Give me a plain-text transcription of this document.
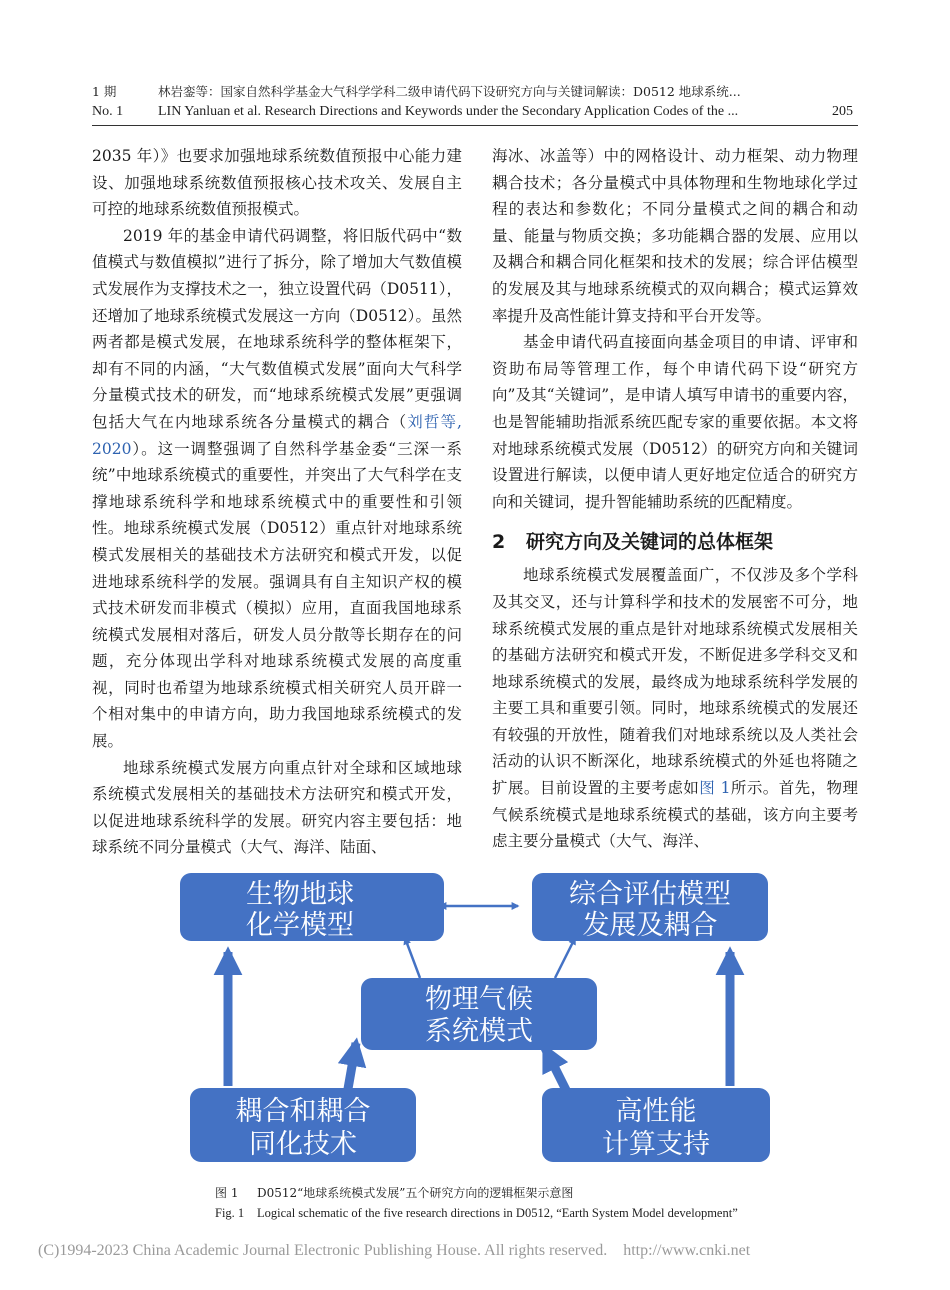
1 期	林岩銮等：国家自然科学基金大气科学学科二级申请代码下设研究方向与关键词解读：D0512 地球系统...
No. 1 LIN Yanluan et al. Research Directions and Keywords under the Secondary Application Codes of the ...	205

2035 年）》也要求加强地球系统数值预报中心能力建设、加强地球系统数值预报核心技术攻关、发展自主可控的地球系统数值预报模式。

2019 年的基金申请代码调整，将旧版代码中“数值模式与数值模拟”进行了拆分，除了增加大气数值模式发展作为支撑技术之一，独立设置代码（D0511），还增加了地球系统模式发展这一方向（D0512）。虽然两者都是模式发展，在地球系统科学的整体框架下，却有不同的内涵，“大气数值模式发展”面向大气科学分量模式技术的研发，而“地球系统模式发展”更强调包括大气在内地球系统各分量模式的耦合（刘哲等, 2020）。这一调整强调了自然科学基金委“三深一系统”中地球系统模式的重要性，并突出了大气科学在支撑地球系统科学和地球系统模式中的重要性和引领性。地球系统模式发展（D0512）重点针对地球系统模式发展相关的基础技术方法研究和模式开发，以促进地球系统科学的发展。强调具有自主知识产权的模式技术研发而非模式（模拟）应用，直面我国地球系统模式发展相对落后，研发人员分散等长期存在的问题，充分体现出学科对地球系统模式发展的高度重视，同时也希望为地球系统模式相关研究人员开辟一个相对集中的申请方向，助力我国地球系统模式的发展。

地球系统模式发展方向重点针对全球和区域地球系统模式发展相关的基础技术方法研究和模式开发，以促进地球系统科学的发展。研究内容主要包括：地球系统不同分量模式（大气、海洋、陆面、

海冰、冰盖等）中的网格设计、动力框架、动力物理耦合技术；各分量模式中具体物理和生物地球化学过程的表达和参数化；不同分量模式之间的耦合和动量、能量与物质交换；多功能耦合器的发展、应用以及耦合和耦合同化框架和技术的发展；综合评估模型的发展及其与地球系统模式的双向耦合；模式运算效率提升及高性能计算支持和平台开发等。

基金申请代码直接面向基金项目的申请、评审和资助布局等管理工作，每个申请代码下设“研究方向”及其“关键词”，是申请人填写申请书的重要内容，也是智能辅助指派系统匹配专家的重要依据。本文将对地球系统模式发展（D0512）的研究方向和关键词设置进行解读，以便申请人更好地定位适合的研究方向和关键词，提升智能辅助系统的匹配精度。

2 研究方向及关键词的总体框架

地球系统模式发展覆盖面广，不仅涉及多个学科及其交叉，还与计算科学和技术的发展密不可分，地球系统模式发展的重点是针对地球系统模式发展相关的基础方法研究和模式开发，不断促进多学科交叉和地球系统模式的发展，最终成为地球系统科学发展的主要工具和重要引领。同时，地球系统模式的发展还有较强的开放性，随着我们对地球系统以及人类社会活动的认识不断深化，地球系统模式的外延也将随之扩展。目前设置的主要考虑如图 1所示。首先，物理气候系统模式是地球系统模式的基础，该方向主要考虑主要分量模式（大气、海洋、

生物地球
化学模型
综合评估模型
发展及耦合
物理气候
系统模式
耦合和耦合
同化技术
高性能
计算支持
图 1 D0512“地球系统模式发展”五个研究方向的逻辑框架示意图
Fig. 1 Logical schematic of the five research directions in D0512, “Earth System Model development”
(C)1994-2023 China Academic Journal Electronic Publishing House. All rights reserved. http://www.cnki.net
